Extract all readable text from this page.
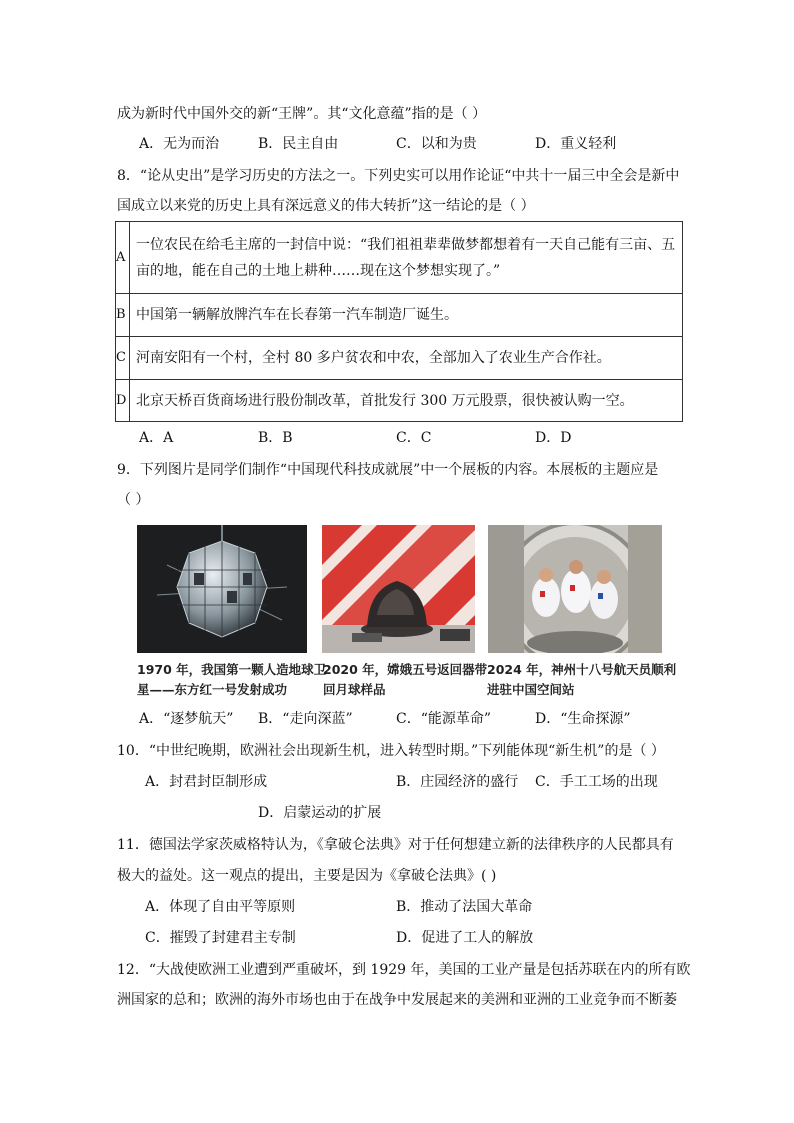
成为新时代中国外交的新“王牌”。其“文化意蕴”指的是（ ）
A．无为而治	B．民主自由	C．以和为贵	D．重义轻利
8．“论从史出”是学习历史的方法之一。下列史实可以用作论证“中共十一届三中全会是新中
国成立以来党的历史上具有深远意义的伟大转折”这一结论的是（ ）
A	一位农民在给毛主席的一封信中说：“我们祖祖辈辈做梦都想着有一天自己能有三亩、五
亩的地，能在自己的土地上耕种……现在这个梦想实现了。”

B	中国第一辆解放牌汽车在长春第一汽车制造厂诞生。
C	河南安阳有一个村，全村 80 多户贫农和中农，全部加入了农业生产合作社。
D	北京天桥百货商场进行股份制改革，首批发行 300 万元股票，很快被认购一空。
A．A	B．B	C．C	D．D
9．下列图片是同学们制作“中国现代科技成就展”中一个展板的内容。本展板的主题应是
（ ）
1970 年，我国第一颗人造地球卫
星——东方红一号发射成功
2020 年，嫦娥五号返回器带
回月球样品
2024 年，神州十八号航天员顺利
进驻中国空间站
A．“逐梦航天” B．“走向深蓝”	C．“能源革命”	D．“生命探源”
10．“中世纪晚期，欧洲社会出现新生机，进入转型时期。”下列能体现“新生机”的是（ ）
A．封君封臣制形成	B．庄园经济的盛行 C．手工工场的出现
D．启蒙运动的扩展
11．德国法学家茨威格特认为，《拿破仑法典》对于任何想建立新的法律秩序的人民都具有
极大的益处。这一观点的提出，主要是因为《拿破仑法典》( )
A．体现了自由平等原则	B．推动了法国大革命
C．摧毁了封建君主专制	D．促进了工人的解放
12．“大战使欧洲工业遭到严重破坏，到 1929 年，美国的工业产量是包括苏联在内的所有欧
洲国家的总和；欧洲的海外市场也由于在战争中发展起来的美洲和亚洲的工业竞争而不断萎
